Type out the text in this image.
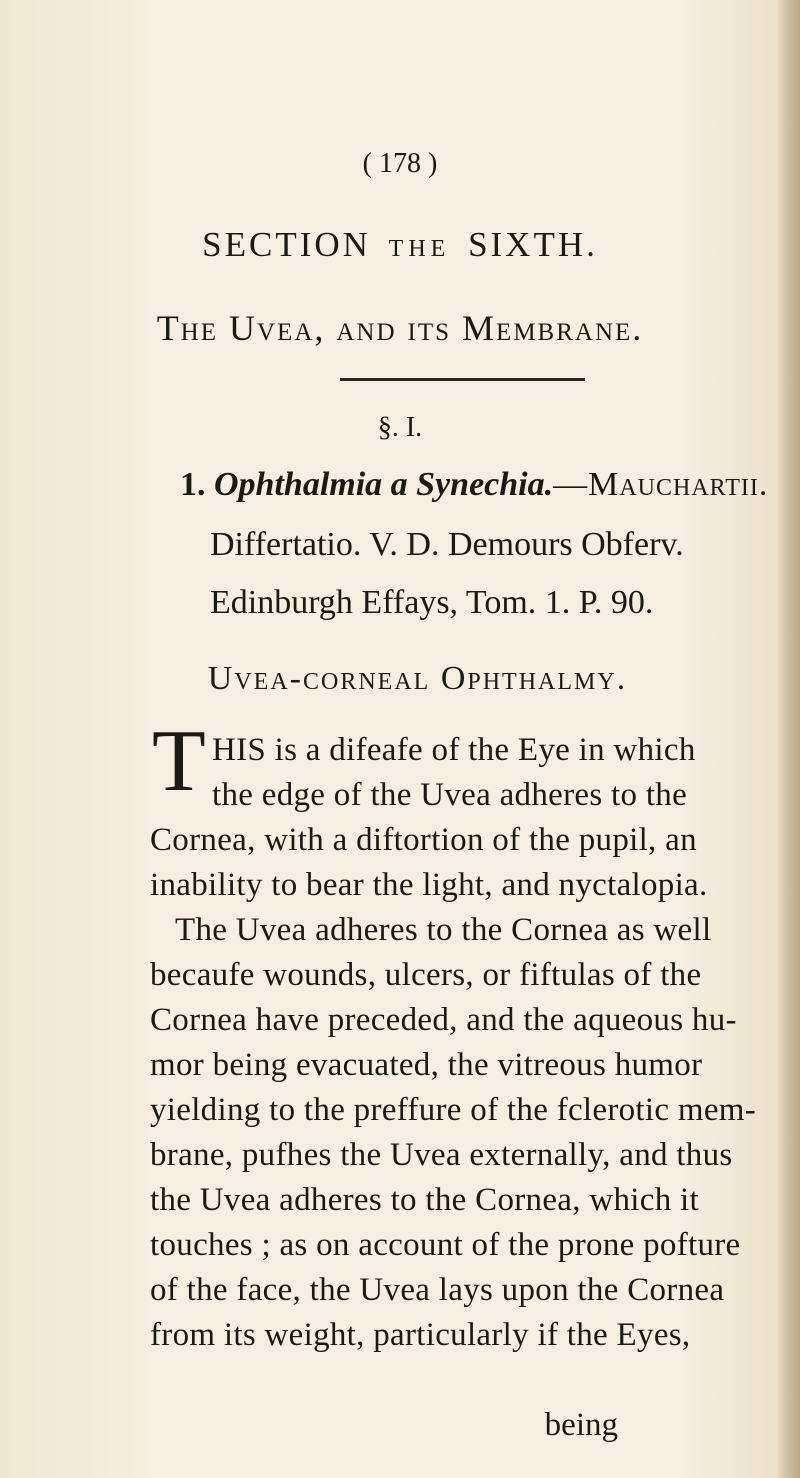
( 178 )
SECTION THE SIXTH.
The Uvea, and its Membrane.
§. I.
1. Ophthalmia a Synechia.—Mauchartii.
Differtatio. V. D. Demours Obferv.
Edinburgh Effays, Tom. 1. P. 90.
Uvea-corneal Ophthalmy.
T HIS is a difeafe of the Eye in which
the edge of the Uvea adheres to the
Cornea, with a diftortion of the pupil, an
inability to bear the light, and nyctalopia.
The Uvea adheres to the Cornea as well
becaufe wounds, ulcers, or fiftulas of the
Cornea have preceded, and the aqueous hu-
mor being evacuated, the vitreous humor
yielding to the preffure of the fclerotic mem-
brane, pufhes the Uvea externally, and thus
the Uvea adheres to the Cornea, which it
touches ; as on account of the prone pofture
of the face, the Uvea lays upon the Cornea
from its weight, particularly if the Eyes,
being
